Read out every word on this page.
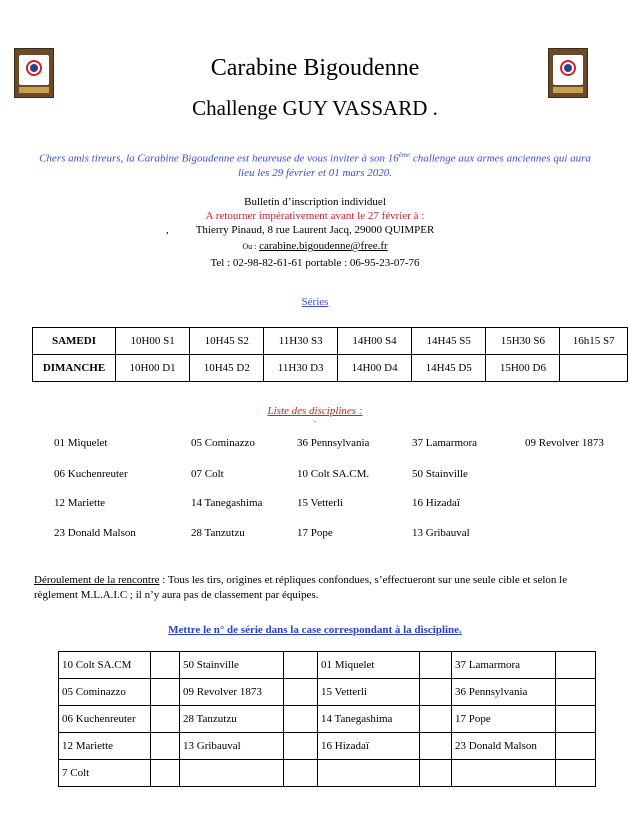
Carabine Bigoudenne
Challenge GUY VASSARD .
Chers amis tireurs, la Carabine Bigoudenne est heureuse de vous inviter à son 16ème challenge aux armes anciennes qui aura lieu les 29 février et 01 mars 2020.
Bulletin d’inscription individuel
A retourner impérativement avant le 27 février à :
,	Thierry Pinaud, 8 rue Laurent Jacq, 29000 QUIMPER
Ou : carabine.bigoudenne@free.fr
Tel : 02-98-82-61-61 portable : 06-95-23-07-76
Séries
SAMEDI	10H00 S1	10H45 S2	11H30 S3	14H00 S4	14H45 S5	15H30 S6	16h15 S7
DIMANCHE	10H00 D1	10H45 D2	11H30 D3	14H00 D4	14H45 D5	15H00 D6	
Liste des disciplines :
-
01 Miquelet	05 Cominazzo	36 Pennsylvania	37 Lamarmora	09 Revolver 1873
06 Kuchenreuter	07 Colt	10 Colt SA.CM.	50 Stainville
12 Mariette	14 Tanegashima	15 Vetterli	16 Hizadaï
23 Donald Malson	28 Tanzutzu	17 Pope	13 Gribauval
Déroulement de la rencontre : Tous les tirs, origines et répliques confondues, s’effectueront sur une seule cible et selon le règlement M.L.A.I.C ; il n’y aura pas de classement par équipes.
Mettre le n° de série dans la case correspondant à la discipline.
10 Colt SA.CM		50 Stainville		01 Miquelet		37 Lamarmora	
05 Cominazzo		09 Revolver 1873		15 Vetterli		36 Pennsylvania	
06 Kuchenreuter		28 Tanzutzu		14 Tanegashima		17 Pope	
12 Mariette		13 Gribauval		16 Hizadaï		23 Donald Malson	
7 Colt							
